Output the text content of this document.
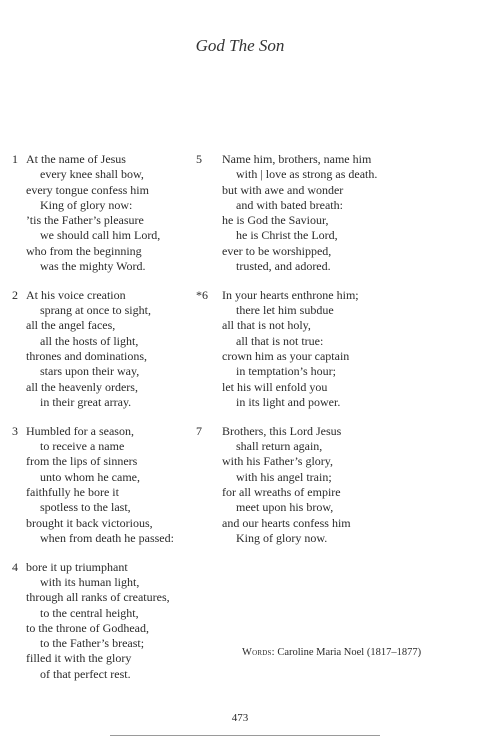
God The Son
1 At the name of Jesus
every knee shall bow,
every tongue confess him
King of glory now:
’tis the Father’s pleasure
we should call him Lord,
who from the beginning
was the mighty Word.
2 At his voice creation
sprang at once to sight,
all the angel faces,
all the hosts of light,
thrones and dominations,
stars upon their way,
all the heavenly orders,
in their great array.
3 Humbled for a season,
to receive a name
from the lips of sinners
unto whom he came,
faithfully he bore it
spotless to the last,
brought it back victorious,
when from death he passed:
4 bore it up triumphant
with its human light,
through all ranks of creatures,
to the central height,
to the throne of Godhead,
to the Father’s breast;
filled it with the glory
of that perfect rest.
5	Name him, brothers, name him
with | love as strong as death.
but with awe and wonder
and with bated breath:
he is God the Saviour,
he is Christ the Lord,
ever to be worshipped,
trusted, and adored.
*6	In your hearts enthrone him;
there let him subdue
all that is not holy,
all that is not true:
crown him as your captain
in temptation’s hour;
let his will enfold you
in its light and power.
7	Brothers, this Lord Jesus
shall return again,
with his Father’s glory,
with his angel train;
for all wreaths of empire
meet upon his brow,
and our hearts confess him
King of glory now.
Words: Caroline Maria Noel (1817–1877)
473
